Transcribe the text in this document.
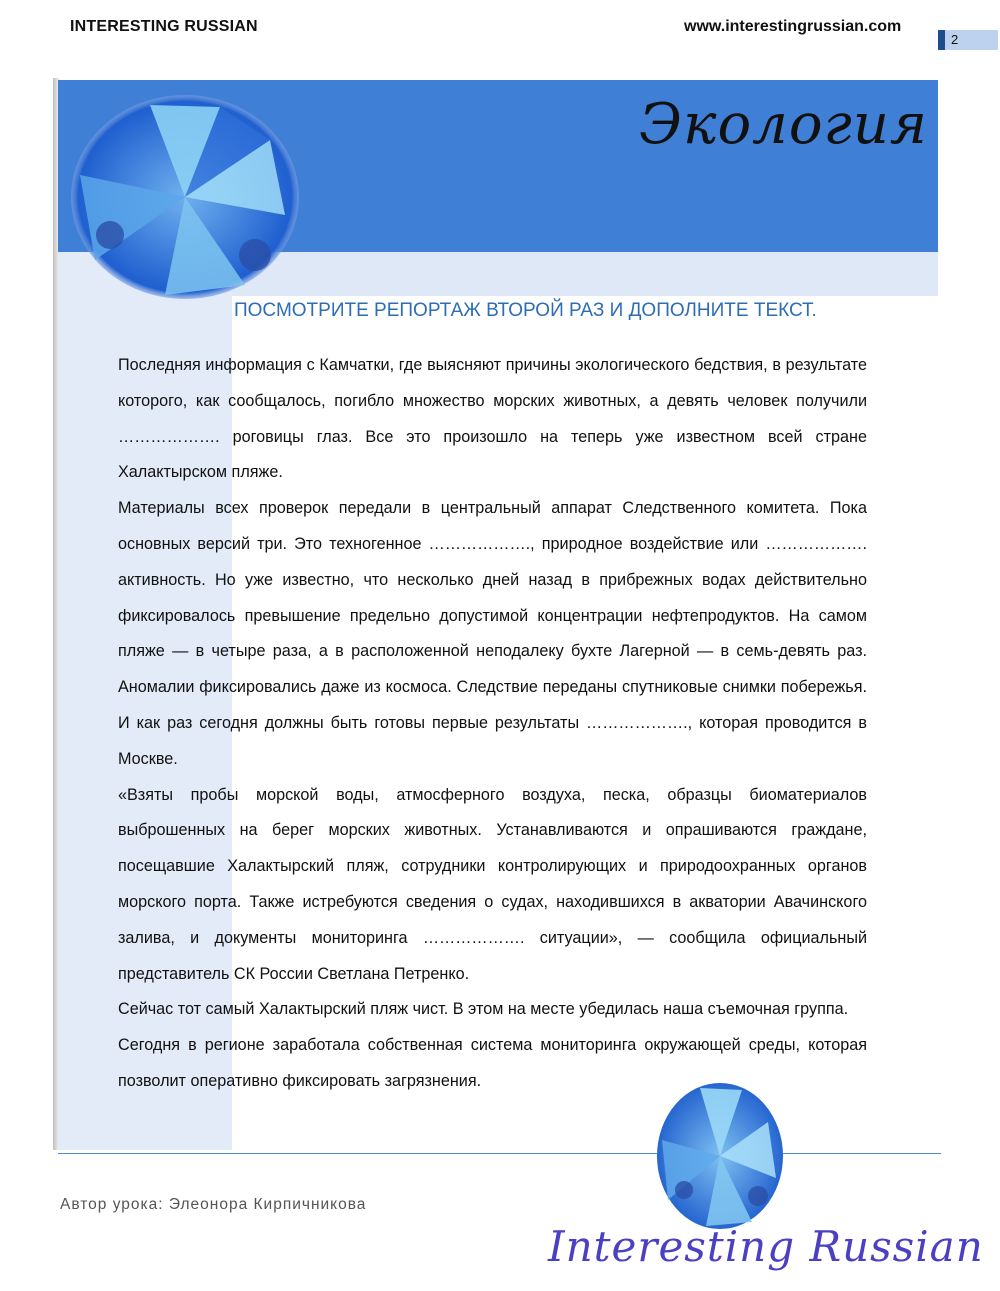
INTERESTING RUSSIAN	www.interestingrussian.com
2
Экология
ПОСМОТРИТЕ РЕПОРТАЖ ВТОРОЙ РАЗ И ДОПОЛНИТЕ ТЕКСТ.

Последняя информация с Камчатки, где выясняют причины экологического бедствия, в результате которого, как сообщалось, погибло множество морских животных, а девять человек получили ………………. роговицы глаз. Все это произошло на теперь уже известном всей стране Халактырском пляже.

Материалы всех проверок передали в центральный аппарат Следственного комитета. Пока основных версий три. Это техногенное ………………., природное воздействие или ………………. активность. Но уже известно, что несколько дней назад в прибрежных водах действительно фиксировалось превышение предельно допустимой концентрации нефтепродуктов. На самом пляже — в четыре раза, а в расположенной неподалеку бухте Лагерной — в семь-девять раз. Аномалии фиксировались даже из космоса. Следствие переданы спутниковые снимки побережья. И как раз сегодня должны быть готовы первые результаты ………………., которая проводится в Москве.

«Взяты пробы морской воды, атмосферного воздуха, песка, образцы биоматериалов выброшенных на берег морских животных. Устанавливаются и опрашиваются граждане, посещавшие Халактырский пляж, сотрудники контролирующих и природоохранных органов морского порта. Также истребуются сведения о судах, находившихся в акватории Авачинского залива, и документы мониторинга ………………. ситуации», — сообщила официальный представитель СК России Светлана Петренко.

Сейчас тот самый Халактырский пляж чист. В этом на месте убедилась наша съемочная группа.

Сегодня в регионе заработала собственная система мониторинга окружающей среды, которая позволит оперативно фиксировать загрязнения.

Автор урока: Элеонора Кирпичникова
Interesting Russian
